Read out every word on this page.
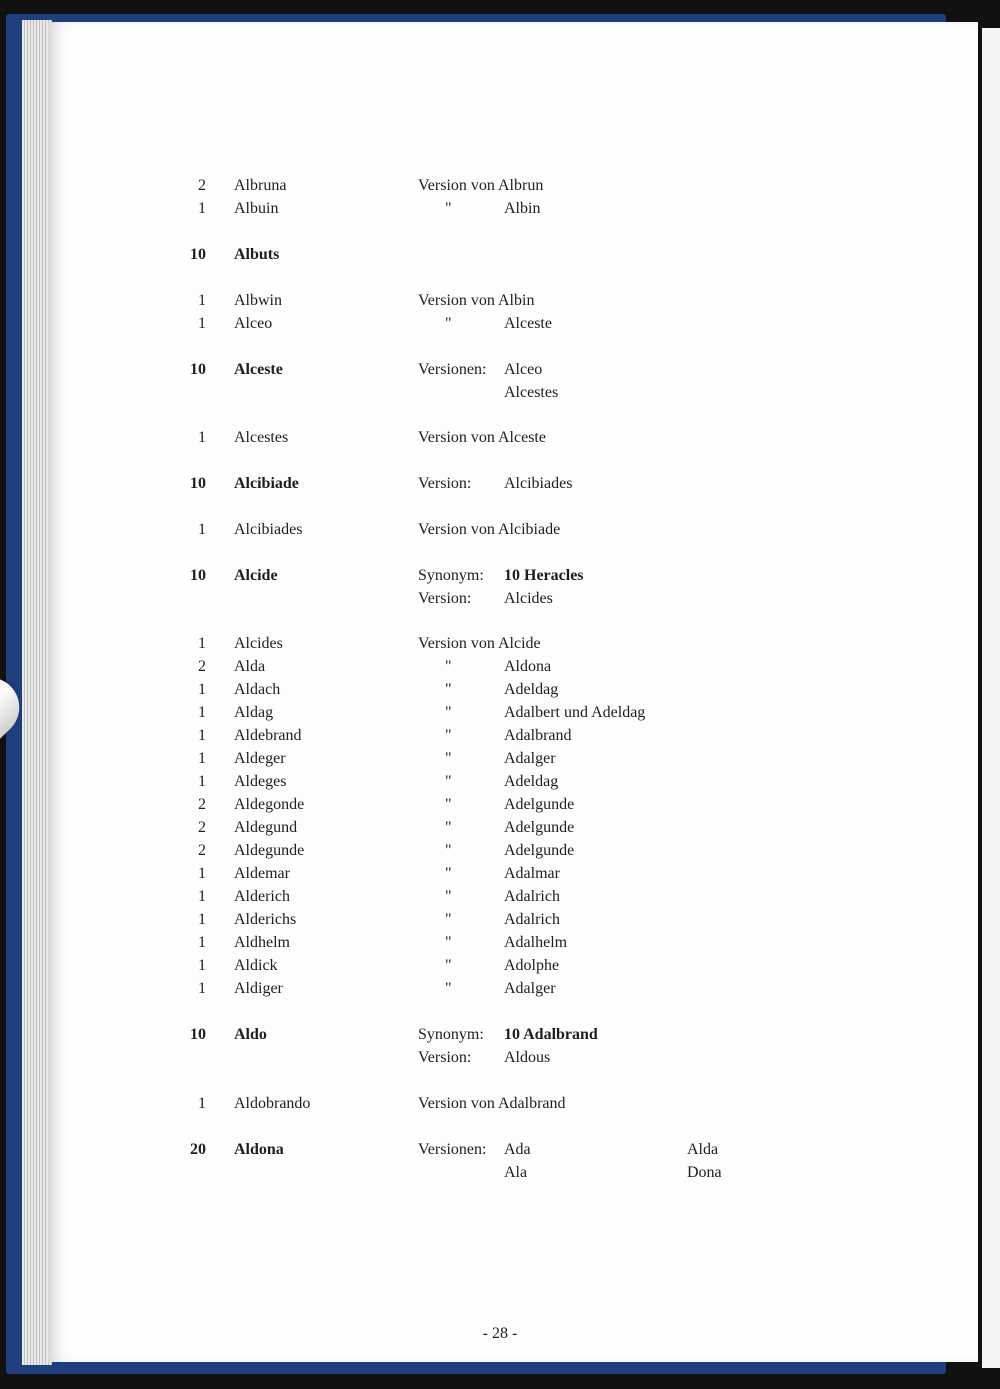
2 Albruna	Version von Albrun
1 Albuin	"	Albin
10 Albuts
1 Albwin	Version von Albin
1 Alceo	"	Alceste
10 Alceste	Versionen: Alceo
Alcestes
1 Alcestes	Version von Alceste
10 Alcibiade	Version: Alcibiades
1 Alcibiades	Version von Alcibiade
10 Alcide	Synonym: 10 Heracles
Version: Alcides
1 Alcides	Version von Alcide
2 Alda	"	Aldona
1 Aldach	"	Adeldag
1 Aldag	"	Adalbert und Adeldag
1 Aldebrand	"	Adalbrand
1 Aldeger	"	Adalger
1 Aldeges	"	Adeldag
2 Aldegonde	"	Adelgunde
2 Aldegund	"	Adelgunde
2 Aldegunde	"	Adelgunde
1 Aldemar	"	Adalmar
1 Alderich	"	Adalrich
1 Alderichs	"	Adalrich
1 Aldhelm	"	Adalhelm
1 Aldick	"	Adolphe
1 Aldiger	"	Adalger
10 Aldo	Synonym: 10 Adalbrand
Version: Aldous
1 Aldobrando	Version von Adalbrand
20 Aldona	Versionen: Ada	Alda
Ala	Dona
- 28 -
